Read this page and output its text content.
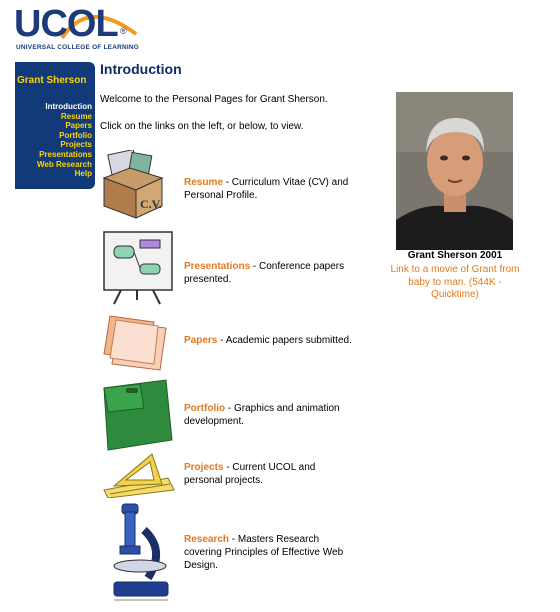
UCOL ®
UNIVERSAL COLLEGE OF LEARNING
Grant Sherson
Introduction
Resume
Papers
Portfolio
Projects
Presentations
Web Research
Help
Introduction

Welcome to the Personal Pages for Grant Sherson.

Click on the links on the left, or below, to view.

C.V.
Resume - Curriculum Vitae (CV) and Personal Profile.
Presentations - Conference papers presented.
Papers - Academic papers submitted.
Portfolio - Graphics and animation development.
Projects - Current UCOL and personal projects.
Research - Masters Research covering Principles of Effective Web Design.
Grant Sherson 2001
Link to a movie of Grant from baby to man. (544K - Quicktime)
